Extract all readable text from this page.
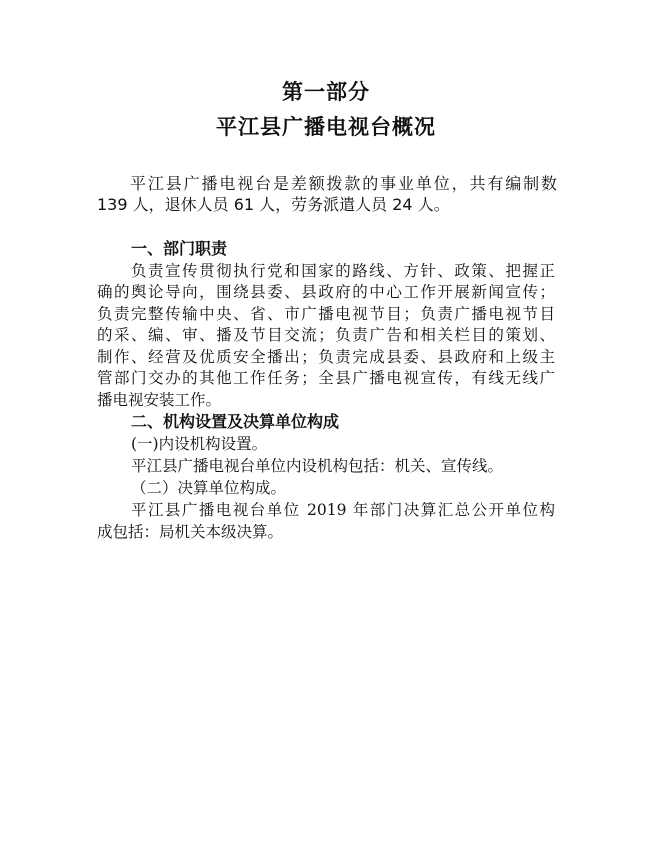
第一部分
平江县广播电视台概况
平江县广播电视台是差额拨款的事业单位，共有编制数
139 人，退休人员 61 人，劳务派遣人员 24 人。
一、部门职责
负责宣传贯彻执行党和国家的路线、方针、政策、把握正
确的舆论导向，围绕县委、县政府的中心工作开展新闻宣传；
负责完整传输中央、省、市广播电视节目；负责广播电视节目
的采、编、审、播及节目交流；负责广告和相关栏目的策划、
制作、经营及优质安全播出；负责完成县委、县政府和上级主
管部门交办的其他工作任务；全县广播电视宣传，有线无线广
播电视安装工作。
二、机构设置及决算单位构成
(一)内设机构设置。
平江县广播电视台单位内设机构包括：机关、宣传线。
（二）决算单位构成。
平江县广播电视台单位 2019 年部门决算汇总公开单位构
成包括：局机关本级决算。
